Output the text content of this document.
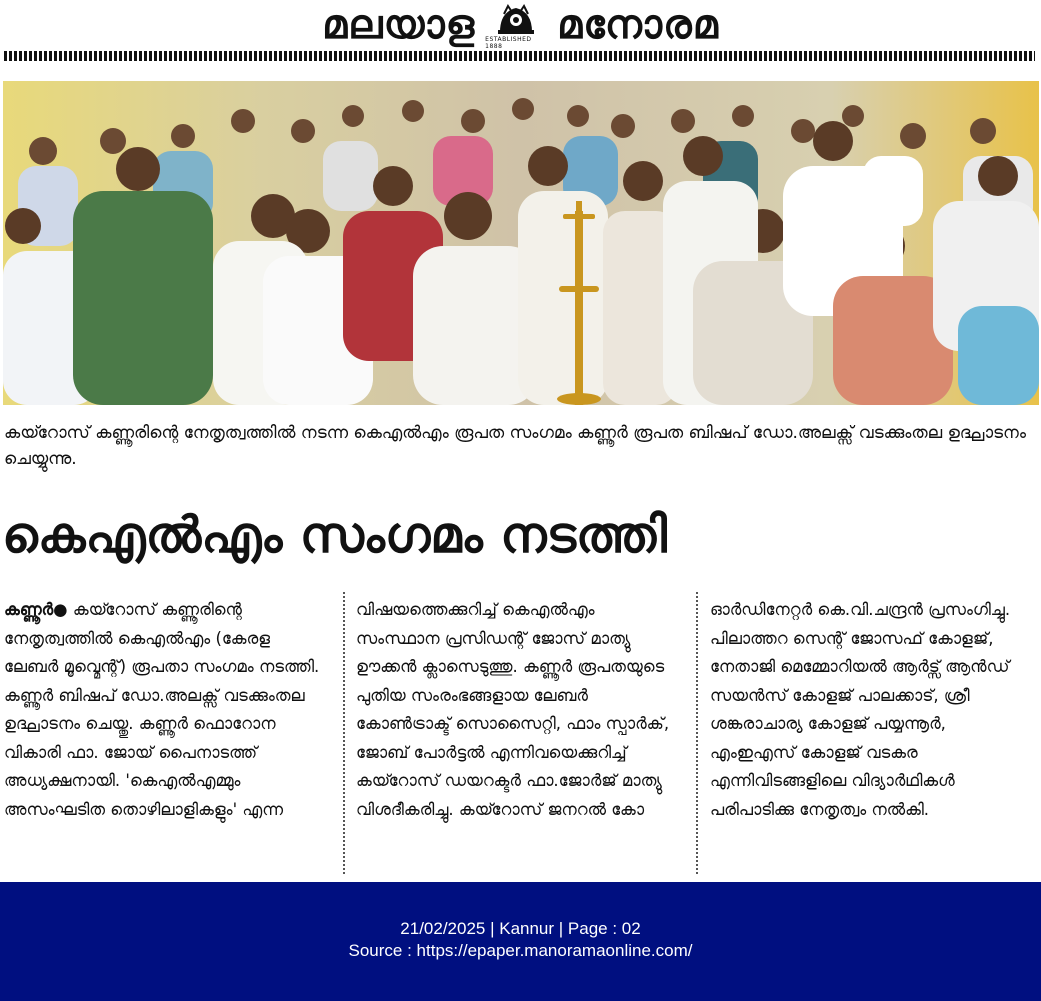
മലയാള ESTABLISHED 1888	മനോരമ

കയ്റോസ് കണ്ണൂരിന്റെ നേതൃത്വത്തിൽ നടന്ന കെഎൽഎം രൂപത സംഗമം കണ്ണൂർ രൂപത ബിഷപ് ഡോ.അലക്സ് വടക്കുംതല ഉദ്ഘാടനം ചെയ്യുന്നു.

കെഎൽഎം സംഗമം നടത്തി

കണ്ണൂർ● കയ്റോസ് കണ്ണൂരിന്റെ നേതൃത്വത്തിൽ കെഎൽഎം (കേരള ലേബർ മൂവ്മെന്റ്) രൂപതാ സംഗമം നടത്തി. കണ്ണൂർ ബിഷപ് ഡോ.അലക്സ് വടക്കുംതല ഉദ്ഘാടനം ചെയ്തു. കണ്ണൂർ ഫൊറോന വികാരി ഫാ. ജോയ് പൈനാടത്ത് അധ്യക്ഷനായി. 'കെഎൽഎമ്മും അസംഘടിത തൊഴിലാളികളും' എന്ന

വിഷയത്തെക്കുറിച്ച് കെഎൽഎം സംസ്ഥാന പ്രസിഡന്റ് ജോസ് മാത്യു ഊക്കൻ ക്ലാസെടുത്തു. കണ്ണൂർ രൂപതയുടെ പുതിയ സംരംഭങ്ങളായ ലേബർ കോൺട്രാക്ട് സൊസൈറ്റി, ഫാം സ്പാർക്, ജോബ് പോർട്ടൽ എന്നിവയെക്കുറിച്ച് കയ്റോസ് ഡയറക്ടർ ഫാ.ജോർജ് മാത്യു വിശദീകരിച്ചു. കയ്റോസ് ജനറൽ കോ

ഓർഡിനേറ്റർ കെ.വി.ചന്ദ്രൻ പ്രസംഗിച്ചു. പിലാത്തറ സെന്റ് ജോസഫ് കോളജ്, നേതാജി മെമ്മോറിയൽ ആർട്സ് ആൻഡ് സയൻസ് കോളജ് പാലക്കാട്, ശ്രീ ശങ്കരാചാര്യ കോളജ് പയ്യന്നൂർ, എംഇഎസ് കോളജ് വടകര എന്നിവിടങ്ങളിലെ വിദ്യാർഥികൾ പരിപാടിക്കു നേതൃത്വം നൽകി.

21/02/2025 | Kannur | Page : 02
Source : https://epaper.manoramaonline.com/
